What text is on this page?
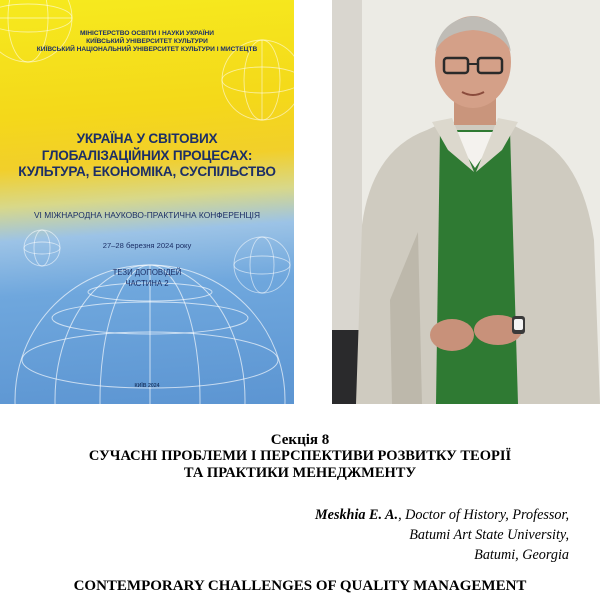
МІНІСТЕРСТВО ОСВІТИ І НАУКИ УКРАЇНИ
КИЇВСЬКИЙ УНІВЕРСИТЕТ КУЛЬТУРИ
КИЇВСЬКИЙ НАЦІОНАЛЬНИЙ УНІВЕРСИТЕТ КУЛЬТУРИ І МИСТЕЦТВ
УКРАЇНА У СВІТОВИХ
ГЛОБАЛІЗАЦІЙНИХ ПРОЦЕСАХ:
КУЛЬТУРА, ЕКОНОМІКА, СУСПІЛЬСТВО
VI МІЖНАРОДНА НАУКОВО-ПРАКТИЧНА КОНФЕРЕНЦІЯ
27–28 березня 2024 року
ТЕЗИ ДОПОВІДЕЙ
ЧАСТИНА 2
КИЇВ 2024
Секція 8
СУЧАСНІ ПРОБЛЕМИ І ПЕРСПЕКТИВИ РОЗВИТКУ ТЕОРІЇ
ТА ПРАКТИКИ МЕНЕДЖМЕНТУ
Meskhia E. A., Doctor of History, Professor,
Batumi Art State University,
Batumi, Georgia
CONTEMPORARY CHALLENGES OF QUALITY MANAGEMENT
